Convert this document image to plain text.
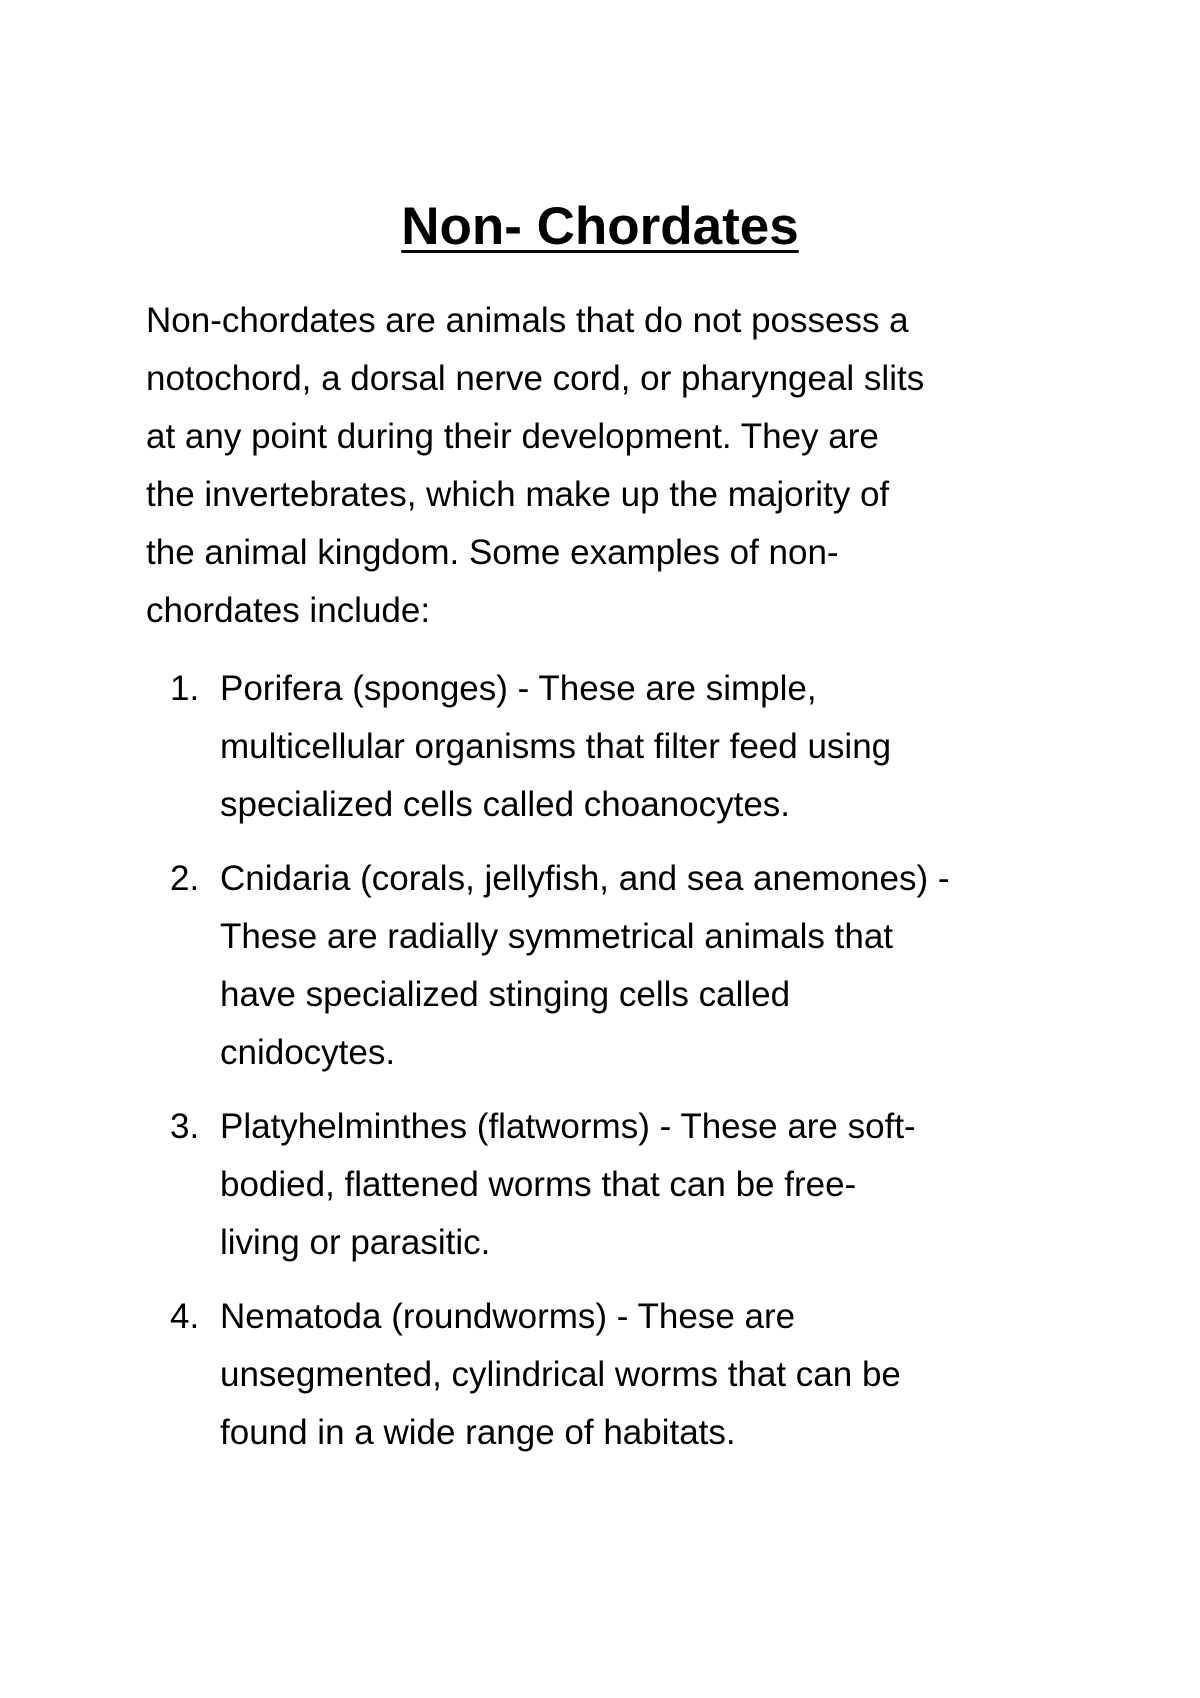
Non- Chordates

Non-chordates are animals that do not possess a
notochord, a dorsal nerve cord, or pharyngeal slits
at any point during their development. They are
the invertebrates, which make up the majority of
the animal kingdom. Some examples of non-
chordates include:

1. Porifera (sponges) - These are simple,
multicellular organisms that filter feed using
specialized cells called choanocytes.
2. Cnidaria (corals, jellyfish, and sea anemones) -
These are radially symmetrical animals that
have specialized stinging cells called
cnidocytes.
3. Platyhelminthes (flatworms) - These are soft-
bodied, flattened worms that can be free-
living or parasitic.
4. Nematoda (roundworms) - These are
unsegmented, cylindrical worms that can be
found in a wide range of habitats.
